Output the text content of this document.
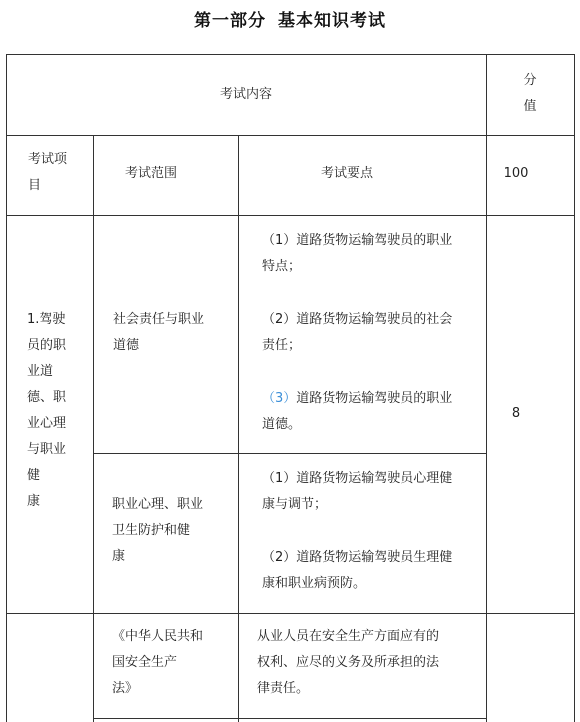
第一部分 基本知识考试
考试内容
分
值
考试项
目
考试范围	考试要点	100
1.驾驶
员的职
业道
德、职
业心理
与职业
健
康
8
社会责任与职业
道德
（1）道路货物运输驾驶员的职业
特点；
（2）道路货物运输驾驶员的社会
责任；
（3）道路货物运输驾驶员的职业
道德。
职业心理、职业
卫生防护和健
康
（1）道路货物运输驾驶员心理健
康与调节；
（2）道路货物运输驾驶员生理健
康和职业病预防。
《中华人民共和
国安全生产
法》
从业人员在安全生产方面应有的
权利、应尽的义务及所承担的法
律责任。
